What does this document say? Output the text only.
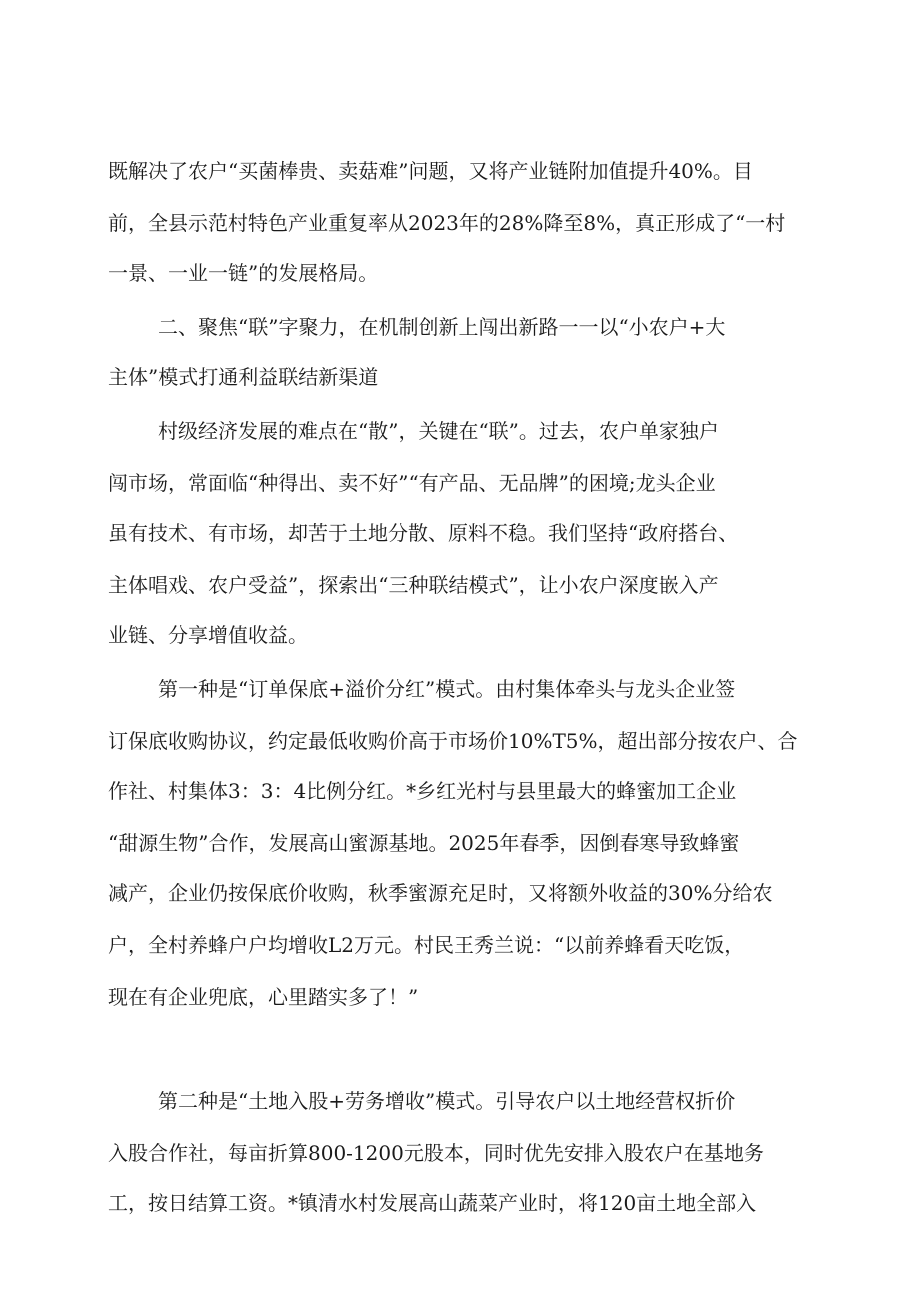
既解决了农户“买菌棒贵、卖菇难”问题，又将产业链附加值提升40%。目
前，全县示范村特色产业重复率从2023年的28%降至8%，真正形成了“一村
一景、一业一链”的发展格局。
二、聚焦“联”字聚力，在机制创新上闯出新路一一以“小农户+大
主体”模式打通利益联结新渠道
村级经济发展的难点在“散”，关键在“联”。过去，农户单家独户
闯市场，常面临“种得出、卖不好”“有产品、无品牌”的困境;龙头企业
虽有技术、有市场，却苦于土地分散、原料不稳。我们坚持“政府搭台、
主体唱戏、农户受益”，探索出“三种联结模式”，让小农户深度嵌入产
业链、分享增值收益。
第一种是“订单保底+溢价分红”模式。由村集体牵头与龙头企业签
订保底收购协议，约定最低收购价高于市场价10%T5%，超出部分按农户、合
作社、村集体3：3：4比例分红。*乡红光村与县里最大的蜂蜜加工企业
“甜源生物”合作，发展高山蜜源基地。2025年春季，因倒春寒导致蜂蜜
减产，企业仍按保底价收购，秋季蜜源充足时，又将额外收益的30%分给农
户，全村养蜂户户均增收L2万元。村民王秀兰说：“以前养蜂看天吃饭，
现在有企业兜底，心里踏实多了！”
第二种是“土地入股+劳务增收”模式。引导农户以土地经营权折价
入股合作社，每亩折算800-1200元股本，同时优先安排入股农户在基地务
工，按日结算工资。*镇清水村发展高山蔬菜产业时，将120亩土地全部入
